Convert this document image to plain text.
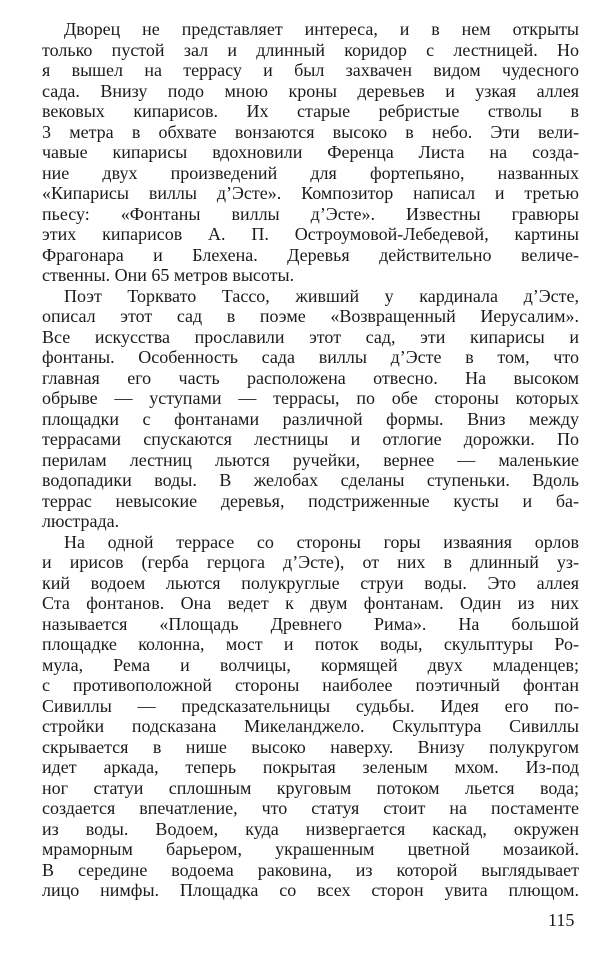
Дворец не представляет интереса, и в нем открыты
только пустой зал и длинный коридор с лестницей. Но
я вышел на террасу и был захвачен видом чудесного
сада. Внизу подо мною кроны деревьев и узкая аллея
вековых кипарисов. Их старые ребристые стволы в
3 метра в обхвате вонзаются высоко в небо. Эти вели-
чавые кипарисы вдохновили Ференца Листа на созда-
ние двух произведений для фортепьяно, названных
«Кипарисы виллы д’Эсте». Композитор написал и третью
пьесу: «Фонтаны виллы д’Эсте». Известны гравюры
этих кипарисов А. П. Остроумовой-Лебедевой, картины
Фрагонара и Блехена. Деревья действительно величе-
ственны. Они 65 метров высоты.
Поэт Торквато Тассо, живший у кардинала д’Эсте,
описал этот сад в поэме «Возвращенный Иерусалим».
Все искусства прославили этот сад, эти кипарисы и
фонтаны. Особенность сада виллы д’Эсте в том, что
главная его часть расположена отвесно. На высоком
обрыве — уступами — террасы, по обе стороны которых
площадки с фонтанами различной формы. Вниз между
террасами спускаются лестницы и отлогие дорожки. По
перилам лестниц льются ручейки, вернее — маленькие
водопадики воды. В желобах сделаны ступеньки. Вдоль
террас невысокие деревья, подстриженные кусты и ба-
люстрада.
На одной террасе со стороны горы изваяния орлов
и ирисов (герба герцога д’Эсте), от них в длинный уз-
кий водоем льются полукруглые струи воды. Это аллея
Ста фонтанов. Она ведет к двум фонтанам. Один из них
называется «Площадь Древнего Рима». На большой
площадке колонна, мост и поток воды, скульптуры Ро-
мула, Рема и волчицы, кормящей двух младенцев;
с противоположной стороны наиболее поэтичный фонтан
Сивиллы — предсказательницы судьбы. Идея его по-
стройки подсказана Микеланджело. Скульптура Сивиллы
скрывается в нише высоко наверху. Внизу полукругом
идет аркада, теперь покрытая зеленым мхом. Из-под
ног статуи сплошным круговым потоком льется вода;
создается впечатление, что статуя стоит на постаменте
из воды. Водоем, куда низвергается каскад, окружен
мраморным барьером, украшенным цветной мозаикой.
В середине водоема раковина, из которой выглядывает
лицо нимфы. Площадка со всех сторон увита плющом.
115
